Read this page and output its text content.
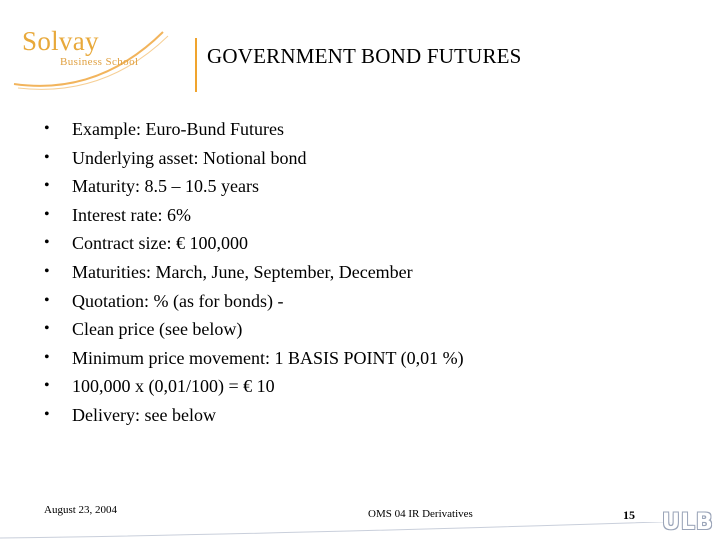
Solvay
Business School	GOVERNMENT BOND FUTURES
• Example: Euro-Bund Futures
• Underlying asset: Notional bond
• Maturity: 8.5 – 10.5 years
• Interest rate: 6%
• Contract size: € 100,000
• Maturities: March, June, September, December
• Quotation: % (as for bonds) -
• Clean price (see below)
• Minimum price movement: 1 BASIS POINT (0,01 %)
• 100,000 x (0,01/100) = € 10
• Delivery: see below
August 23, 2004	OMS 04 IR Derivatives	15 ULB
